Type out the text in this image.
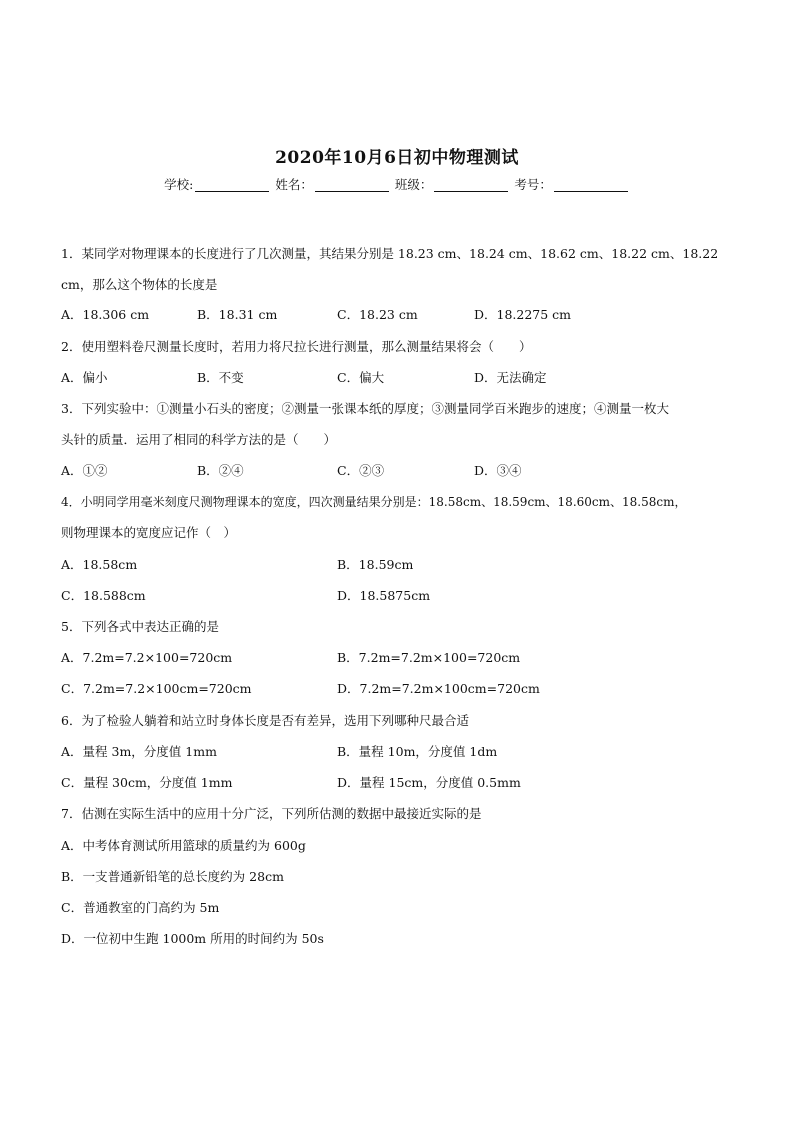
2020年10月6日初中物理测试
学校:	姓名：	班级：	考号：
1．某同学对物理课本的长度进行了几次测量，其结果分别是 18.23 cm、18.24 cm、18.62 cm、18.22 cm、18.22
cm，那么这个物体的长度是
A．18.306 cm	B．18.31 cm	C．18.23 cm	D．18.2275 cm
2．使用塑料卷尺测量长度时，若用力将尺拉长进行测量，那么测量结果将会（　　）
A．偏小	B．不变	C．偏大	D．无法确定
3．下列实验中：①测量小石头的密度；②测量一张课本纸的厚度；③测量同学百米跑步的速度；④测量一枚大
头针的质量．运用了相同的科学方法的是（　　）
A．①②	B．②④	C．②③	D．③④
4．小明同学用毫米刻度尺测物理课本的宽度，四次测量结果分别是：18.58cm、18.59cm、18.60cm、18.58cm，
则物理课本的宽度应记作（　）
A．18.58cm	B．18.59cm
C．18.588cm	D．18.5875cm
5．下列各式中表达正确的是
A．7.2m=7.2×100=720cm	B．7.2m=7.2m×100=720cm
C．7.2m=7.2×100cm=720cm	D．7.2m=7.2m×100cm=720cm
6．为了检验人躺着和站立时身体长度是否有差异，选用下列哪种尺最合适
A．量程 3m，分度值 1mm	B．量程 10m，分度值 1dm
C．量程 30cm，分度值 1mm	D．量程 15cm，分度值 0.5mm
7．估测在实际生活中的应用十分广泛，下列所估测的数据中最接近实际的是
A．中考体育测试所用篮球的质量约为 600g
B．一支普通新铅笔的总长度约为 28cm
C．普通教室的门高约为 5m
D．一位初中生跑 1000m 所用的时间约为 50s
